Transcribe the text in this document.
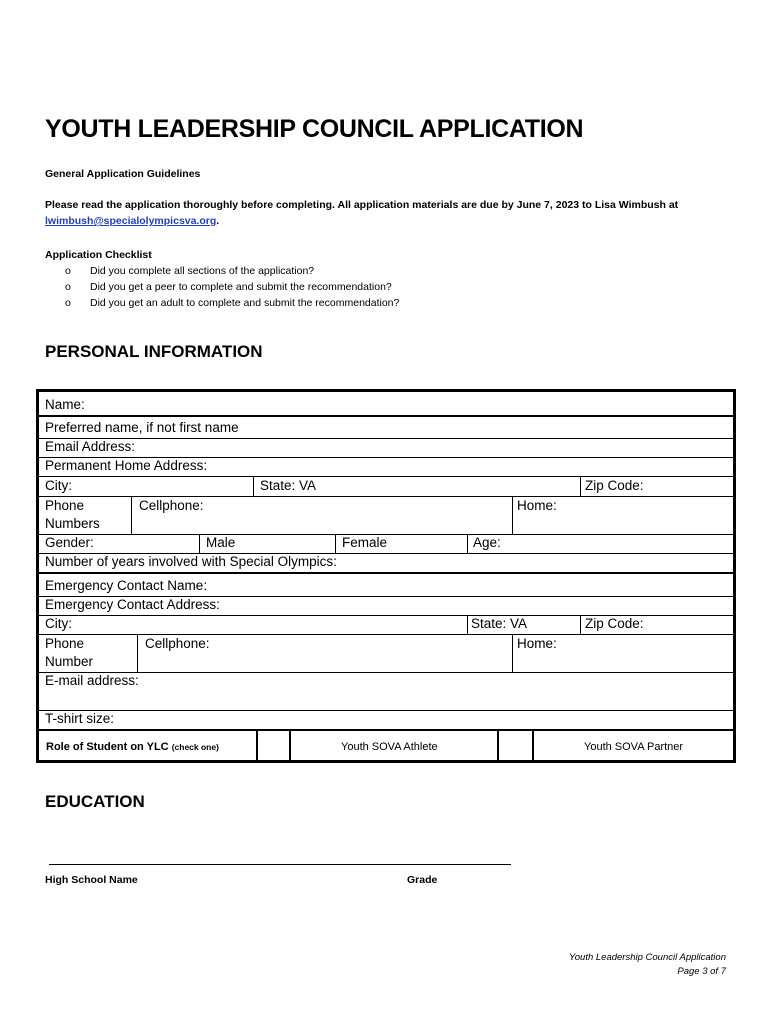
YOUTH LEADERSHIP COUNCIL APPLICATION
General Application Guidelines
Please read the application thoroughly before completing. All application materials are due by June 7, 2023 to Lisa Wimbush at
lwimbush@specialolympicsva.org.
Application Checklist
o Did you complete all sections of the application?
o Did you get a peer to complete and submit the recommendation?
o Did you get an adult to complete and submit the recommendation?
PERSONAL INFORMATION
Name:
Preferred name, if not first name
Email Address:
Permanent Home Address:
City:	State: VA	Zip Code:
Phone
Numbers
Cellphone:	Home:
Gender:	Male	Female	Age:
Number of years involved with Special Olympics:
Emergency Contact Name:
Emergency Contact Address:
City:	State: VA	Zip Code:
Phone
Number
Cellphone:	Home:
E-mail address:
T-shirt size:
Role of Student on YLC (check one)	Youth SOVA Athlete	Youth SOVA Partner
EDUCATION
High School Name	Grade
Youth Leadership Council Application
Page 3 of 7
